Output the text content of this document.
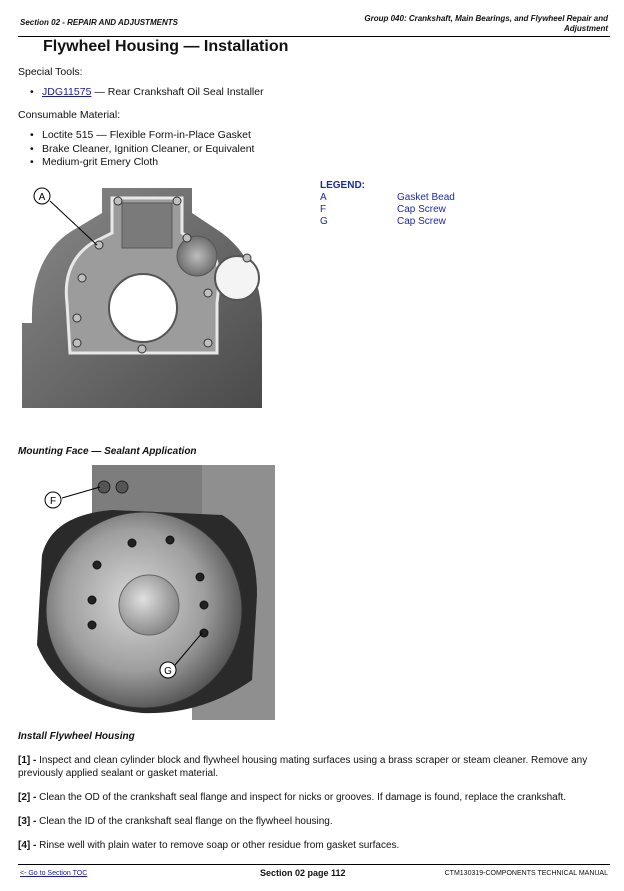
Section 02 - REPAIR AND ADJUSTMENTS	Group 040: Crankshaft, Main Bearings, and Flywheel Repair and Adjustment
Flywheel Housing — Installation
Special Tools:
• JDG11575 — Rear Crankshaft Oil Seal Installer
Consumable Material:
• Loctite 515 — Flexible Form-in-Place Gasket
• Brake Cleaner, Ignition Cleaner, or Equivalent
• Medium-grit Emery Cloth
A
LEGEND:
A	Gasket Bead
F	Cap Screw
G	Cap Screw
Mounting Face — Sealant Application
F
G
Install Flywheel Housing
[1] - Inspect and clean cylinder block and flywheel housing mating surfaces using a brass scraper or steam cleaner. Remove any previously applied sealant or gasket material.
[2] - Clean the OD of the crankshaft seal flange and inspect for nicks or grooves. If damage is found, replace the crankshaft.
[3] - Clean the ID of the crankshaft seal flange on the flywheel housing.
[4] - Rinse well with plain water to remove soap or other residue from gasket surfaces.
<- Go to Section TOC	Section 02 page 112	CTM130319-COMPONENTS TECHNICAL MANUAL
